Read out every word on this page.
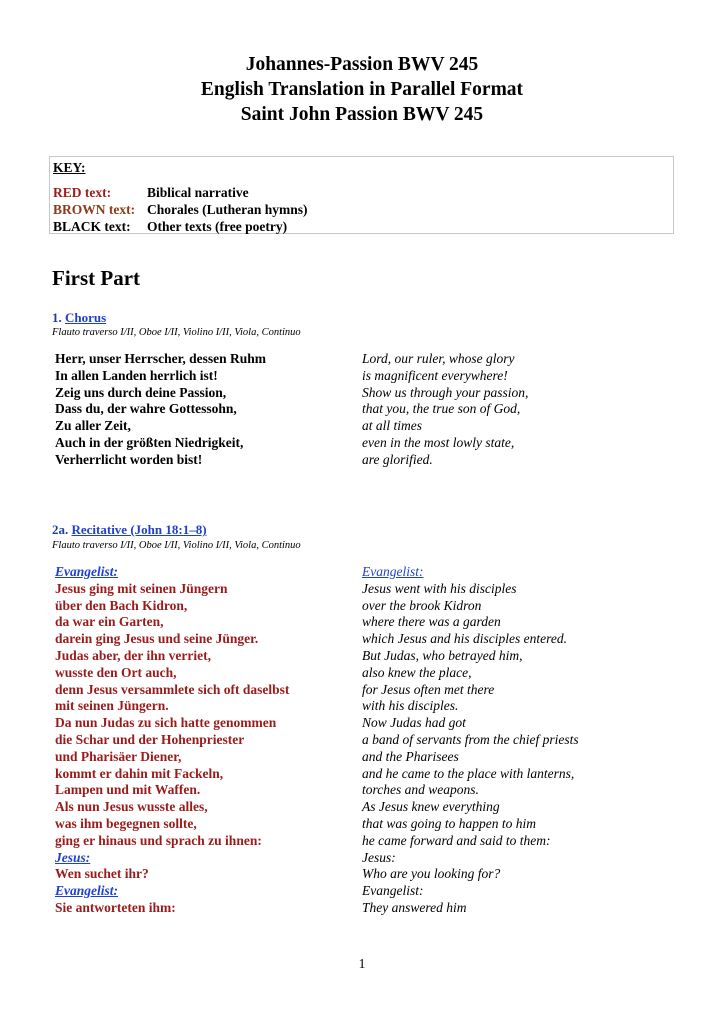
Johannes-Passion BWV 245
English Translation in Parallel Format
Saint John Passion BWV 245
KEY:
RED text:	Biblical narrative
BROWN text: Chorales (Lutheran hymns)
BLACK text: Other texts (free poetry)
First Part
1. Chorus
Flauto traverso I/II, Oboe I/II, Violino I/II, Viola, Continuo
Herr, unser Herrscher, dessen Ruhm
In allen Landen herrlich ist!
Zeig uns durch deine Passion,
Dass du, der wahre Gottessohn,
Zu aller Zeit,
Auch in der größten Niedrigkeit,
Verherrlicht worden bist!
Lord, our ruler, whose glory
is magnificent everywhere!
Show us through your passion,
that you, the true son of God,
at all times
even in the most lowly state,
are glorified.
2a. Recitative (John 18:1–8)
Flauto traverso I/II, Oboe I/II, Violino I/II, Viola, Continuo
Evangelist:
Jesus ging mit seinen Jüngern
über den Bach Kidron,
da war ein Garten,
darein ging Jesus und seine Jünger.
Judas aber, der ihn verriet,
wusste den Ort auch,
denn Jesus versammlete sich oft daselbst
mit seinen Jüngern.
Da nun Judas zu sich hatte genommen
die Schar und der Hohenpriester
und Pharisäer Diener,
kommt er dahin mit Fackeln,
Lampen und mit Waffen.
Als nun Jesus wusste alles,
was ihm begegnen sollte,
ging er hinaus und sprach zu ihnen:
Jesus:
Wen suchet ihr?
Evangelist:
Sie antworteten ihm:
Evangelist:
Jesus went with his disciples
over the brook Kidron
where there was a garden
which Jesus and his disciples entered.
But Judas, who betrayed him,
also knew the place,
for Jesus often met there
with his disciples.
Now Judas had got
a band of servants from the chief priests
and the Pharisees
and he came to the place with lanterns,
torches and weapons.
As Jesus knew everything
that was going to happen to him
he came forward and said to them:
Jesus:
Who are you looking for?
Evangelist:
They answered him
1
